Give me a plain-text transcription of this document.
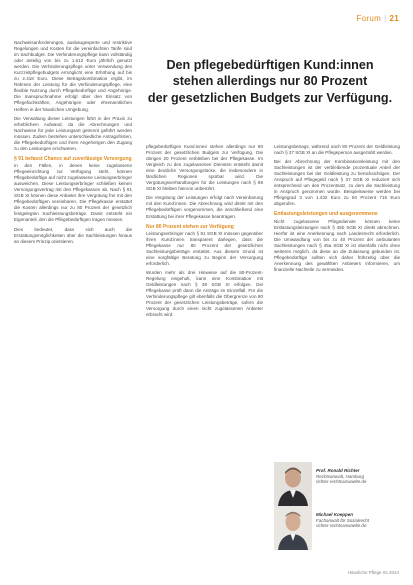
Forum | 21
Den pflegebedürftigen Kund:innen
stehen allerdings nur 80 Prozent
der gesetzlichen Budgets zur Verfügung.

Nachweisanforderungen, ausbaugesperte und restriktive Regelungen und Kosten für die vereinfachten Tarife sind im Sachbudget. Die Verhinderungspflege kann vollständig oder anteilig von bis zu 1.612 Euro jährlich genutzt werden. Die Verhinderungspflege unter Verwendung des Kurzzeitpflegebudgets ermöglicht eine Erhöhung auf bis zu 2.418 Euro. Diese Betragskombination ergibt, im Rahmen der Leistung für die Verhinderungspflege, eine flexible Nutzung durch Pflegebedürftige und Angehörige. Die Inanspruchnahme erfolgt über den Einsatz von Pflegefachkräften, Angehörigen oder ehrenamtlichen Helfern in der häuslichen Umgebung.

Die Verwaltung dieser Leistungen führt in der Praxis zu erheblichem Aufwand, da die Abrechnungen und Nachweise für jede Leistungsart getrennt geführt werden müssen. Zudem bestehen unterschiedliche Antragsfristen, die Pflegebedürftigen und ihren Angehörigen den Zugang zu den Leistungen erschweren.

§ 91 befasst Chance auf zuverlässige Versorgung

In den Fällen, in denen keine zugelassene Pflegeeinrichtung zur Verfügung steht, können Pflegebedürftige auf nicht zugelassene Leistungserbringer ausweichen. Diese Leistungserbringer schließen keinen Versorgungsvertrag mit den Pflegekassen ab. Nach § 91 SGB XI können diese Anbieter ihre Vergütung frei mit den Pflegebedürftigen vereinbaren. Die Pflegekasse erstattet die Kosten allerdings nur zu 80 Prozent der gesetzlich festgelegten Sachleistungsbeträge. Damit entsteht ein Eigenanteil, den die Pflegebedürftigen tragen müssen.

Dies bedeutet, dass sich auch die Erstattungsmöglichkeiten über die Sachleistungen hinaus an diesem Prinzip orientieren.

pflegebedürftigen Kund:innen stehen allerdings nur 80 Prozent der gesetzlichen Budgets zur Verfügung. Die übrigen 20 Prozent verbleiben bei der Pflegekasse. Im Vergleich zu den zugelassenen Diensten entsteht damit eine deutliche Versorgungslücke, die insbesondere in ländlichen Regionen spürbar wird. Die Vergütungsverhandlungen für die Leistungen nach § 89 SGB XI bleiben hiervon unberührt.

Die Vergütung der Leistungen erfolgt nach Vereinbarung mit den Kund:innen. Die Abrechnung wird direkt mit den Pflegebedürftigen vorgenommen, die anschließend eine Erstattung bei ihrer Pflegekasse beantragen.

Nur 80 Prozent stehen zur Verfügung

Leistungserbringer nach § 91 SGB XI müssen gegenüber ihren Kund:innen transparent darlegen, dass die Pflegekasse nur 80 Prozent der gesetzlichen Sachleistungsbeträge erstattet. Aus diesem Grund ist eine sorgfältige Beratung zu Beginn der Versorgung erforderlich.

Wurden mehr als drei Hinweise auf die 80-Prozent-Regelung eingeholt, kann eine Kombination mit Geldleistungen nach § 38 SGB XI erfolgen. Die Pflegekasse prüft dann die Anträge im Einzelfall. Für die Verhinderungspflege gilt ebenfalls die Obergrenze von 80 Prozent der gesetzlichen Leistungsbeträge, sofern die Versorgung durch einen nicht zugelassenen Anbieter erbracht wird.

Leistungsbetrags, während nach 80 Prozent der Geldleistung nach § 37 SGB XI an die Pflegeperson ausgezahlt werden.

Bei der Abrechnung der Kombinationsleistung mit den Sachleistungen ist der verbleibende prozentuale Anteil der Sachleistungen bei der Geldleistung zu berücksichtigen. Der Anspruch auf Pflegegeld nach § 37 SGB XI reduziert sich entsprechend um den Prozentsatz, zu dem die Sachleistung in Anspruch genommen wurde. Beispielsweise werden bei Pflegegrad 3 von 1.432 Euro zu 50 Prozent 716 Euro abgerufen.

Entlastungsleistungen und ausgenommene

Nicht zugelassene Pflegedienste können keine Entlastungsleistungen nach § 45b SGB XI direkt abrechnen. Hierfür ist eine Anerkennung nach Landesrecht erforderlich. Die Umwandlung von bis zu 40 Prozent der ambulanten Sachleistungen nach § 45a SGB XI ist ebenfalls nicht ohne weiteres möglich, da diese an die Zulassung gebunden ist. Pflegebedürftige sollten sich daher frühzeitig über die Anerkennung des gewählten Anbieters informieren, um finanzielle Nachteile zu vermeiden.

Prof. Ronald Richter
Rechtsanwalt, Hamburg
richter-rechtsanwaelte.de
Michael Koeppen
Fachanwalt für Sozialrecht
richter-rechtsanwaelte.de
Häusliche Pflege 02.2024
